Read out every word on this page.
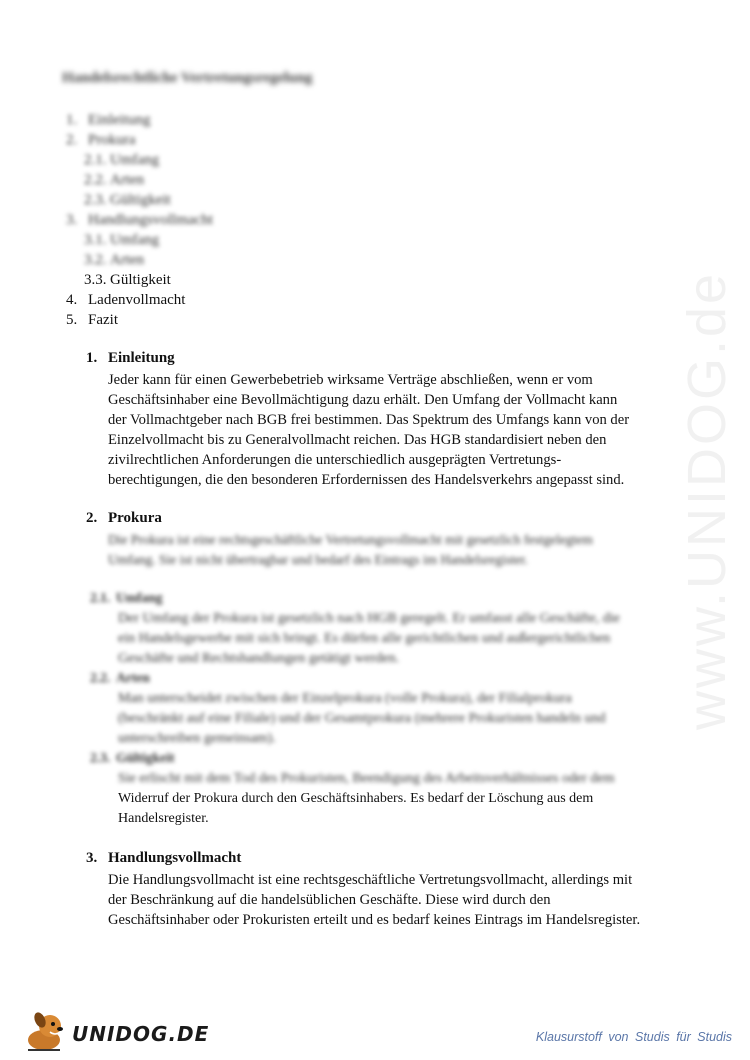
www.UNIDOG.de
Handelsrechtliche Vertretungsregelung
1. Einleitung
2. Prokura
2.1. Umfang
2.2. Arten
2.3. Gültigkeit
3. Handlungsvollmacht
3.1. Umfang
3.2. Arten
3.3. Gültigkeit
4. Ladenvollmacht
5. Fazit
1. Einleitung
Jeder kann für einen Gewerbebetrieb wirksame Verträge abschließen, wenn er vom
Geschäftsinhaber eine Bevollmächtigung dazu erhält. Den Umfang der Vollmacht kann
der Vollmachtgeber nach BGB frei bestimmen. Das Spektrum des Umfangs kann von der
Einzelvollmacht bis zu Generalvollmacht reichen. Das HGB standardisiert neben den
zivilrechtlichen Anforderungen die unterschiedlich ausgeprägten Vertretungs-
berechtigungen, die den besonderen Erfordernissen des Handelsverkehrs angepasst sind.
2. Prokura
Die Prokura ist eine rechtsgeschäftliche Vertretungsvollmacht mit gesetzlich festgelegtem
Umfang. Sie ist nicht übertragbar und bedarf des Eintrags im Handelsregister.
2.1. Umfang
Der Umfang der Prokura ist gesetzlich nach HGB geregelt. Er umfasst alle Geschäfte, die
ein Handelsgewerbe mit sich bringt. Es dürfen alle gerichtlichen und außergerichtlichen
Geschäfte und Rechtshandlungen getätigt werden.
2.2. Arten
Man unterscheidet zwischen der Einzelprokura (volle Prokura), der Filialprokura
(beschränkt auf eine Filiale) und der Gesamtprokura (mehrere Prokuristen handeln und
unterschreiben gemeinsam).
2.3. Gültigkeit
Sie erlischt mit dem Tod des Prokuristen, Beendigung des Arbeitsverhältnisses oder dem
Widerruf der Prokura durch den Geschäftsinhabers. Es bedarf der Löschung aus dem
Handelsregister.
3. Handlungsvollmacht
Die Handlungsvollmacht ist eine rechtsgeschäftliche Vertretungsvollmacht, allerdings mit
der Beschränkung auf die handelsüblichen Geschäfte. Diese wird durch den
Geschäftsinhaber oder Prokuristen erteilt und es bedarf keines Eintrags im Handelsregister.
UNIDOG.DE	Klausurstoff von Studis für Studis
